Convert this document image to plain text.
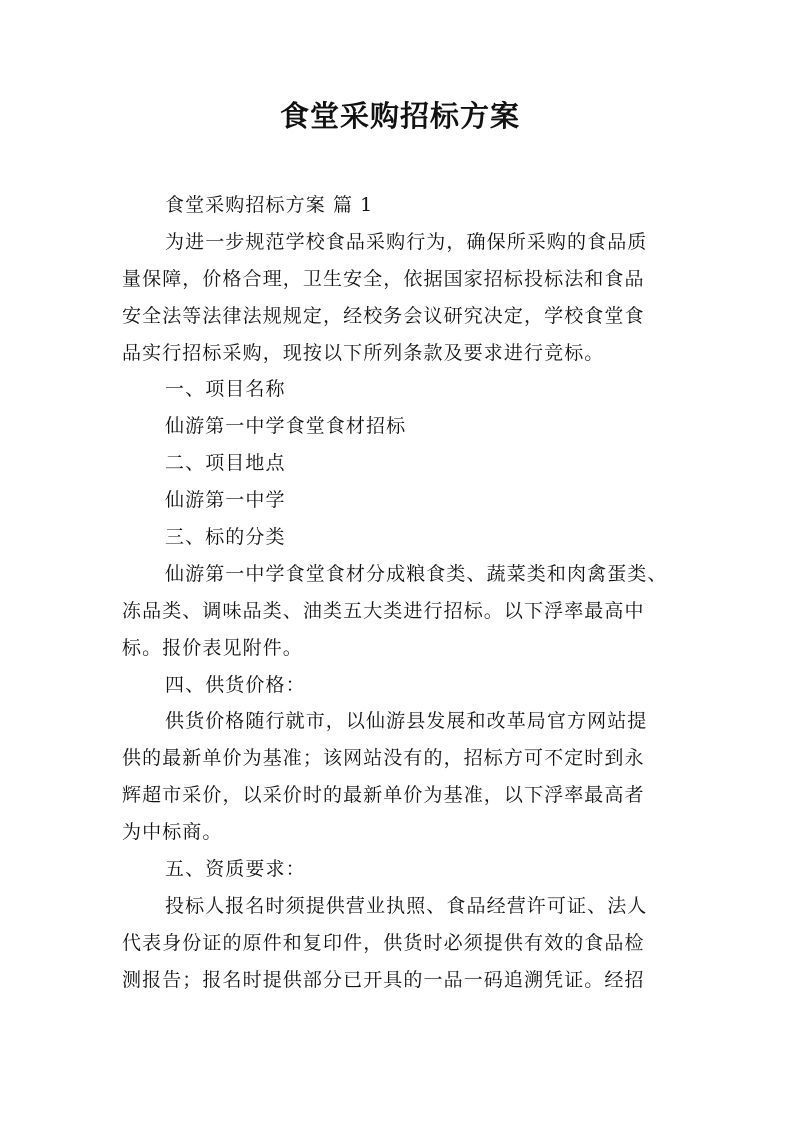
食堂采购招标方案
食堂采购招标方案 篇 1
为进一步规范学校食品采购行为，确保所采购的食品质
量保障，价格合理，卫生安全，依据国家招标投标法和食品
安全法等法律法规规定，经校务会议研究决定，学校食堂食
品实行招标采购，现按以下所列条款及要求进行竞标。
一、项目名称
仙游第一中学食堂食材招标
二、项目地点
仙游第一中学
三、标的分类
仙游第一中学食堂食材分成粮食类、蔬菜类和肉禽蛋类、
冻品类、调味品类、油类五大类进行招标。以下浮率最高中
标。报价表见附件。
四、供货价格：
供货价格随行就市，以仙游县发展和改革局官方网站提
供的最新单价为基准；该网站没有的，招标方可不定时到永
辉超市采价，以采价时的最新单价为基准，以下浮率最高者
为中标商。
五、资质要求：
投标人报名时须提供营业执照、食品经营许可证、法人
代表身份证的原件和复印件，供货时必须提供有效的食品检
测报告；报名时提供部分已开具的一品一码追溯凭证。经招
